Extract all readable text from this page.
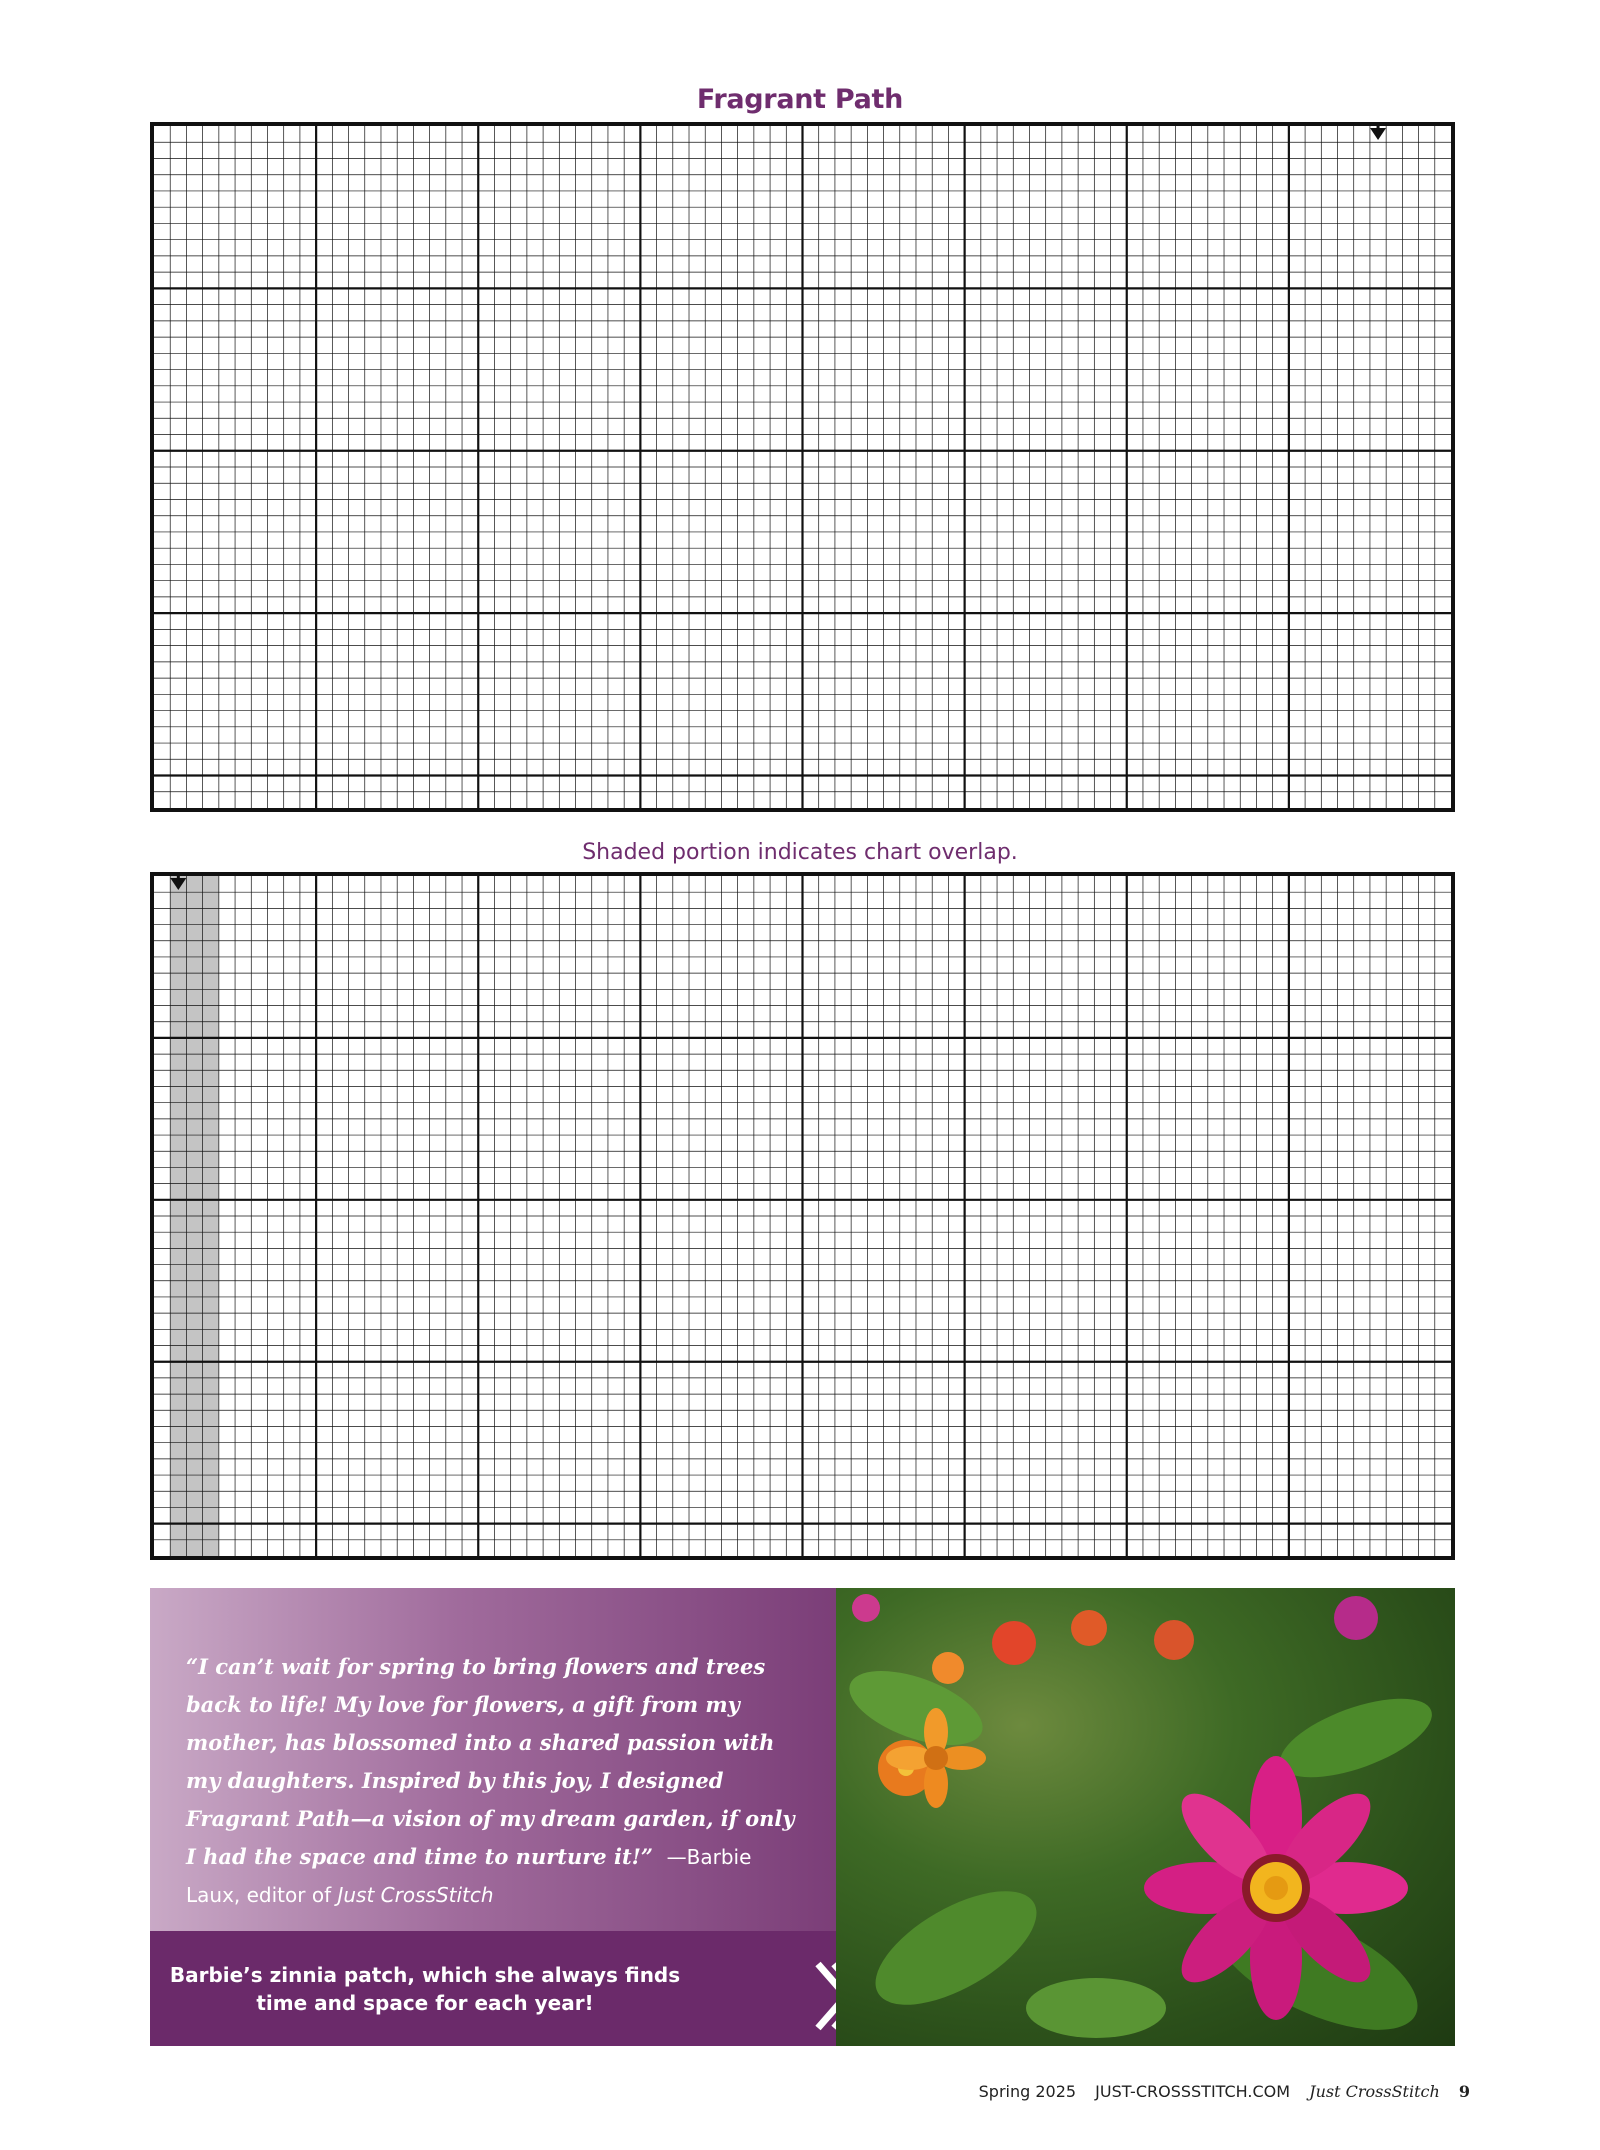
Fragrant Path
Shaded portion indicates chart overlap.
“I can’t wait for spring to bring flowers and trees back to life! My love for flowers, a gift from my mother, has blossomed into a shared passion with my daughters. Inspired by this joy, I designed Fragrant Path—a vision of my dream garden, if only I had the space and time to nurture it!” —Barbie Laux, editor of Just CrossStitch
Barbie’s zinnia patch, which she always finds time and space for each year!
Spring 2025 JUST-CROSSSTITCH.COM Just CrossStitch 9
